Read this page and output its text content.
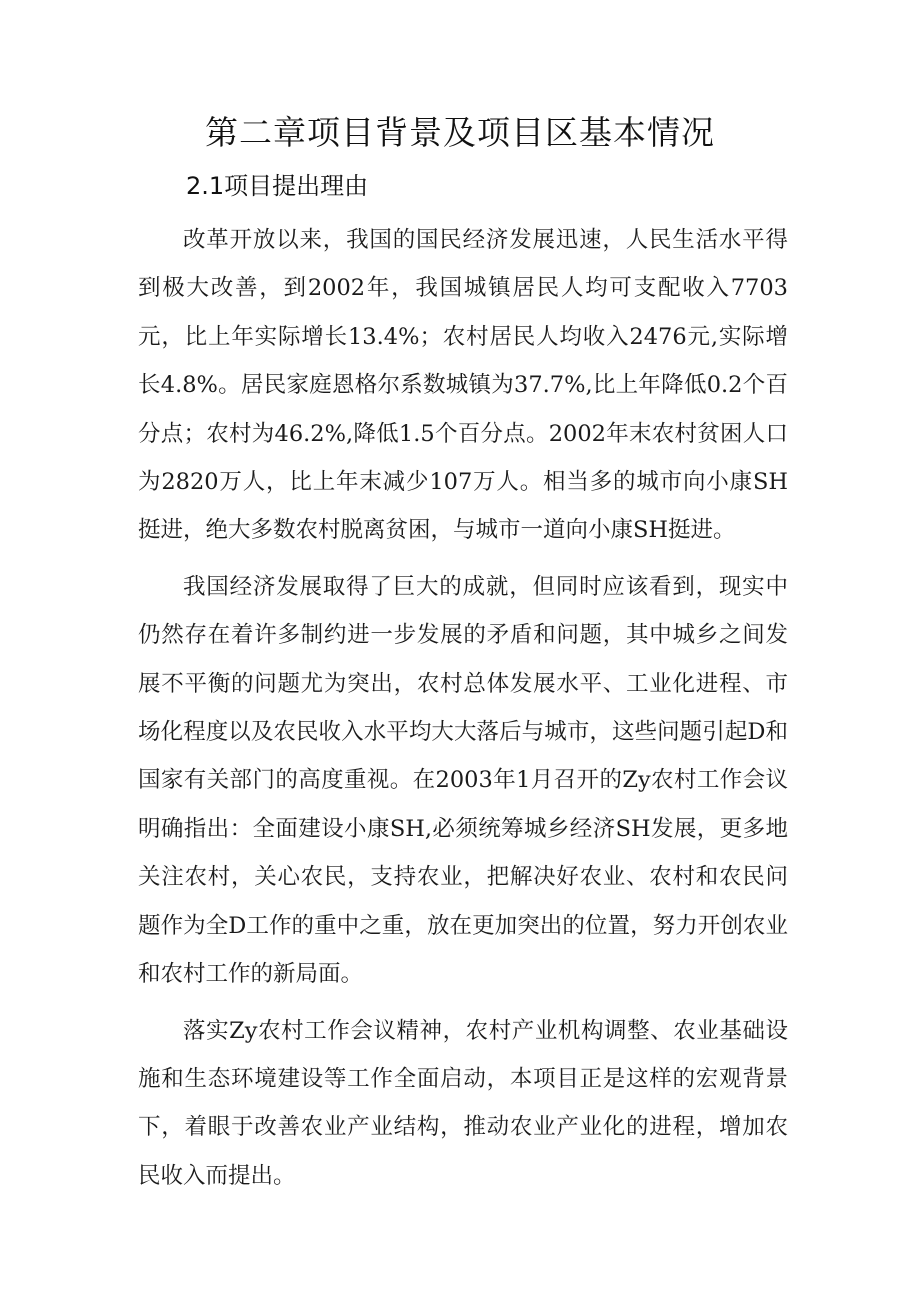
第二章项目背景及项目区基本情况
2.1项目提出理由

改革开放以来，我国的国民经济发展迅速，人民生活水平得到极大改善，到2002年，我国城镇居民人均可支配收入7703元，比上年实际增长13.4%；农村居民人均收入2476元,实际增长4.8%。居民家庭恩格尔系数城镇为37.7%,比上年降低0.2个百分点；农村为46.2%,降低1.5个百分点。2002年末农村贫困人口为2820万人，比上年末减少107万人。相当多的城市向小康SH挺进，绝大多数农村脱离贫困，与城市一道向小康SH挺进。

我国经济发展取得了巨大的成就，但同时应该看到，现实中仍然存在着许多制约进一步发展的矛盾和问题，其中城乡之间发展不平衡的问题尤为突出，农村总体发展水平、工业化进程、市场化程度以及农民收入水平均大大落后与城市，这些问题引起D和国家有关部门的高度重视。在2003年1月召开的Zy农村工作会议明确指出：全面建设小康SH,必须统筹城乡经济SH发展，更多地关注农村，关心农民，支持农业，把解决好农业、农村和农民问题作为全D工作的重中之重，放在更加突出的位置，努力开创农业和农村工作的新局面。

落实Zy农村工作会议精神，农村产业机构调整、农业基础设施和生态环境建设等工作全面启动，本项目正是这样的宏观背景下，着眼于改善农业产业结构，推动农业产业化的进程，增加农民收入而提出。
